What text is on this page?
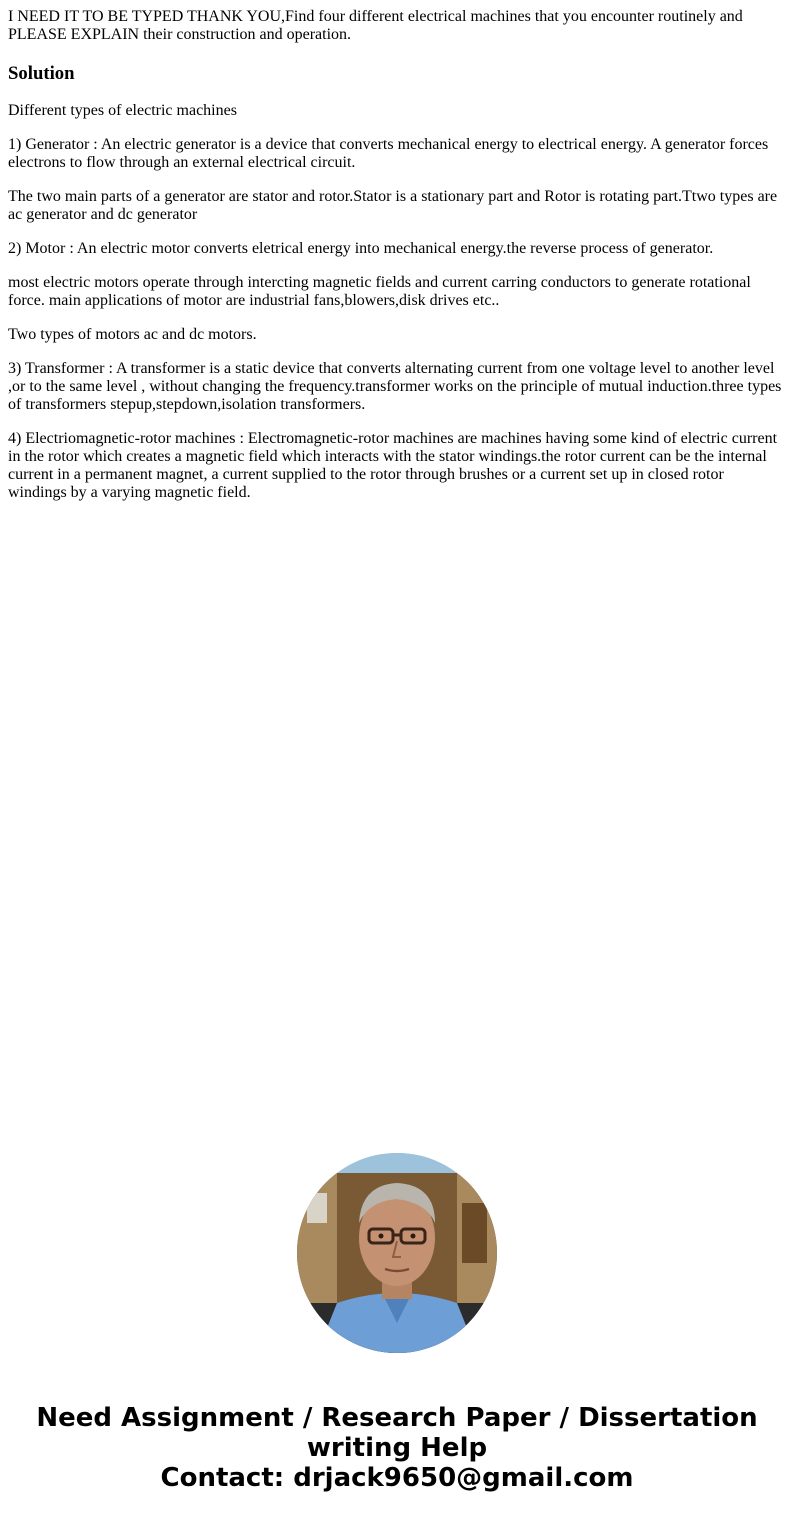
I NEED IT TO BE TYPED THANK YOU,Find four different electrical machines that you encounter routinely and PLEASE EXPLAIN their construction and operation.

Solution

Different types of electric machines

1) Generator : An electric generator is a device that converts mechanical energy to electrical energy. A generator forces electrons to flow through an external electrical circuit.

The two main parts of a generator are stator and rotor.Stator is a stationary part and Rotor is rotating part.Ttwo types are ac generator and dc generator

2) Motor : An electric motor converts eletrical energy into mechanical energy.the reverse process of generator.

most electric motors operate through intercting magnetic fields and current carring conductors to generate rotational force. main applications of motor are industrial fans,blowers,disk drives etc..

Two types of motors ac and dc motors.

3) Transformer : A transformer is a static device that converts alternating current from one voltage level to another level ,or to the same level , without changing the frequency.transformer works on the principle of mutual induction.three types of transformers stepup,stepdown,isolation transformers.

4) Electriomagnetic-rotor machines : Electromagnetic-rotor machines are machines having some kind of electric current in the rotor which creates a magnetic field which interacts with the stator windings.the rotor current can be the internal current in a permanent magnet, a current supplied to the rotor through brushes or a current set up in closed rotor windings by a varying magnetic field.

Need Assignment / Research Paper / Dissertation
writing Help
Contact: drjack9650@gmail.com
